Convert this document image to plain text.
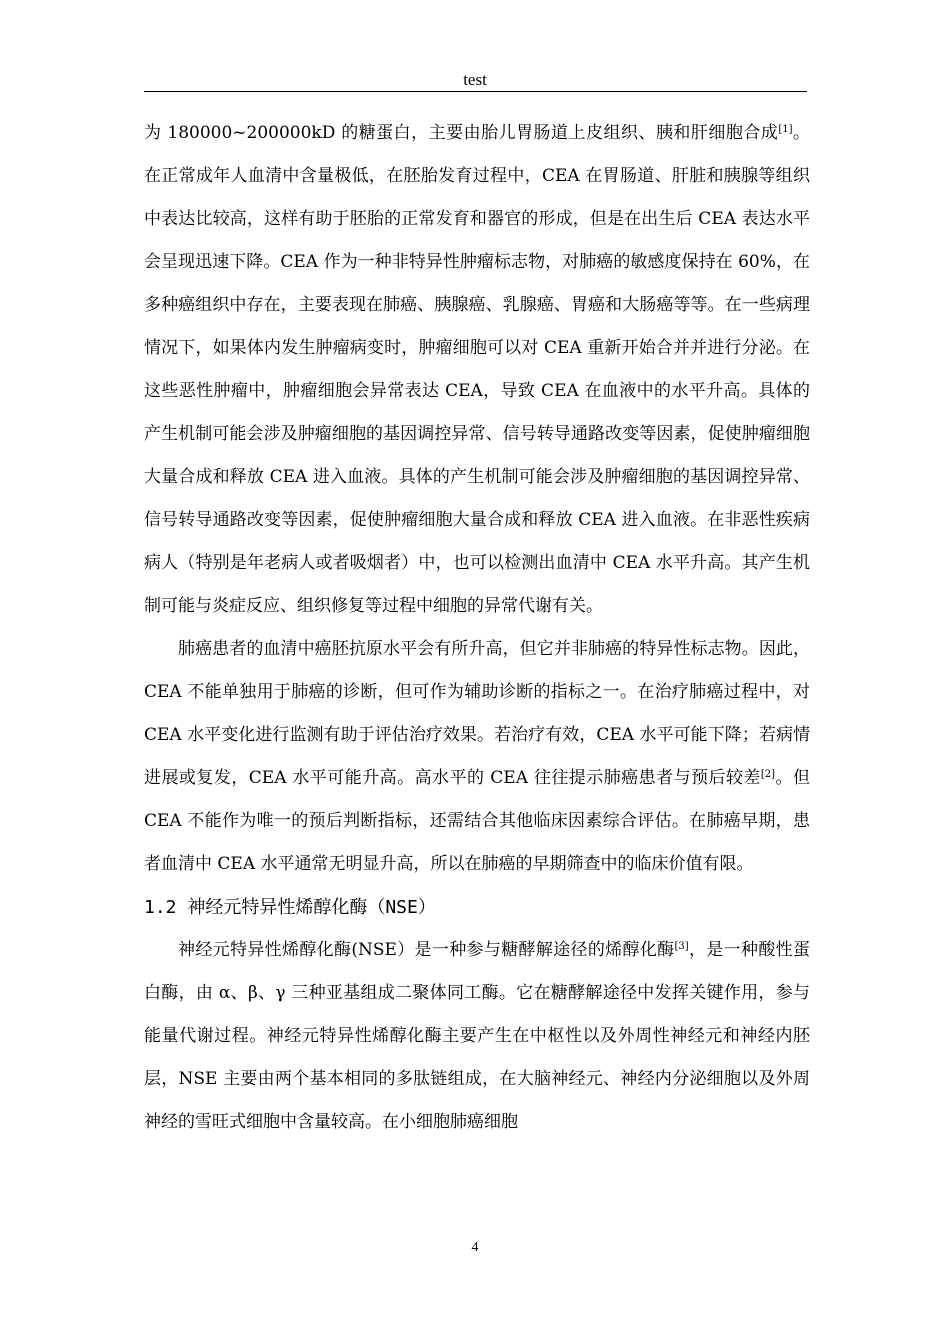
test

为 180000~200000kD 的糖蛋白，主要由胎儿胃肠道上皮组织、胰和肝细胞合成[1]。在正常成年人血清中含量极低，在胚胎发育过程中，CEA 在胃肠道、肝脏和胰腺等组织中表达比较高，这样有助于胚胎的正常发育和器官的形成，但是在出生后 CEA 表达水平会呈现迅速下降。CEA 作为一种非特异性肿瘤标志物，对肺癌的敏感度保持在 60%，在多种癌组织中存在，主要表现在肺癌、胰腺癌、乳腺癌、胃癌和大肠癌等等。在一些病理情况下，如果体内发生肿瘤病变时，肿瘤细胞可以对 CEA 重新开始合并并进行分泌。在这些恶性肿瘤中，肿瘤细胞会异常表达 CEA，导致 CEA 在血液中的水平升高。具体的产生机制可能会涉及肿瘤细胞的基因调控异常、信号转导通路改变等因素，促使肿瘤细胞大量合成和释放 CEA 进入血液。具体的产生机制可能会涉及肿瘤细胞的基因调控异常、信号转导通路改变等因素，促使肿瘤细胞大量合成和释放 CEA 进入血液。在非恶性疾病病人（特别是年老病人或者吸烟者）中，也可以检测出血清中 CEA 水平升高。其产生机制可能与炎症反应、组织修复等过程中细胞的异常代谢有关。

肺癌患者的血清中癌胚抗原水平会有所升高，但它并非肺癌的特异性标志物。因此，CEA 不能单独用于肺癌的诊断，但可作为辅助诊断的指标之一。在治疗肺癌过程中，对 CEA 水平变化进行监测有助于评估治疗效果。若治疗有效，CEA 水平可能下降；若病情进展或复发，CEA 水平可能升高。高水平的 CEA 往往提示肺癌患者与预后较差[2]。但 CEA 不能作为唯一的预后判断指标，还需结合其他临床因素综合评估。在肺癌早期，患者血清中 CEA 水平通常无明显升高，所以在肺癌的早期筛查中的临床价值有限。

1.2 神经元特异性烯醇化酶（NSE）

神经元特异性烯醇化酶(NSE）是一种参与糖酵解途径的烯醇化酶[3]，是一种酸性蛋白酶，由 α、β、γ 三种亚基组成二聚体同工酶。它在糖酵解途径中发挥关键作用，参与能量代谢过程。神经元特异性烯醇化酶主要产生在中枢性以及外周性神经元和神经内胚层，NSE 主要由两个基本相同的多肽链组成，在大脑神经元、神经内分泌细胞以及外周神经的雪旺式细胞中含量较高。在小细胞肺癌细胞

4
